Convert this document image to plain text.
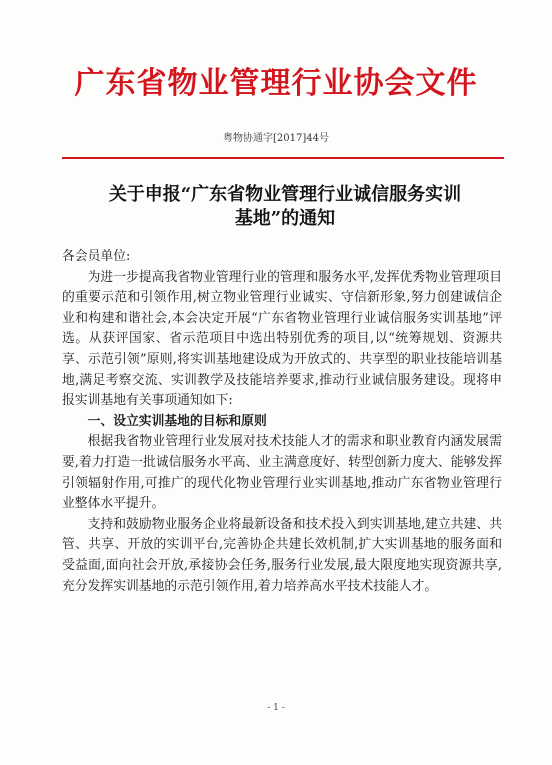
广东省物业管理行业协会文件
粤物协通字[2017]44号
关于申报“广东省物业管理行业诚信服务实训
基地”的通知

各会员单位:

为进一步提高我省物业管理行业的管理和服务水平,发挥优秀物业管理项目的重要示范和引领作用,树立物业管理行业诚实、守信新形象,努力创建诚信企业和构建和谐社会,本会决定开展“广东省物业管理行业诚信服务实训基地”评选。从获评国家、省示范项目中选出特别优秀的项目,以“统筹规划、资源共享、示范引领”原则,将实训基地建设成为开放式的、共享型的职业技能培训基地,满足考察交流、实训教学及技能培养要求,推动行业诚信服务建设。现将申报实训基地有关事项通知如下:

一、设立实训基地的目标和原则

根据我省物业管理行业发展对技术技能人才的需求和职业教育内涵发展需要,着力打造一批诚信服务水平高、业主满意度好、转型创新力度大、能够发挥引领辐射作用,可推广的现代化物业管理行业实训基地,推动广东省物业管理行业整体水平提升。

支持和鼓励物业服务企业将最新设备和技术投入到实训基地,建立共建、共管、共享、开放的实训平台,完善协企共建长效机制,扩大实训基地的服务面和受益面,面向社会开放,承接协会任务,服务行业发展,最大限度地实现资源共享,充分发挥实训基地的示范引领作用,着力培养高水平技术技能人才。

- 1 -
